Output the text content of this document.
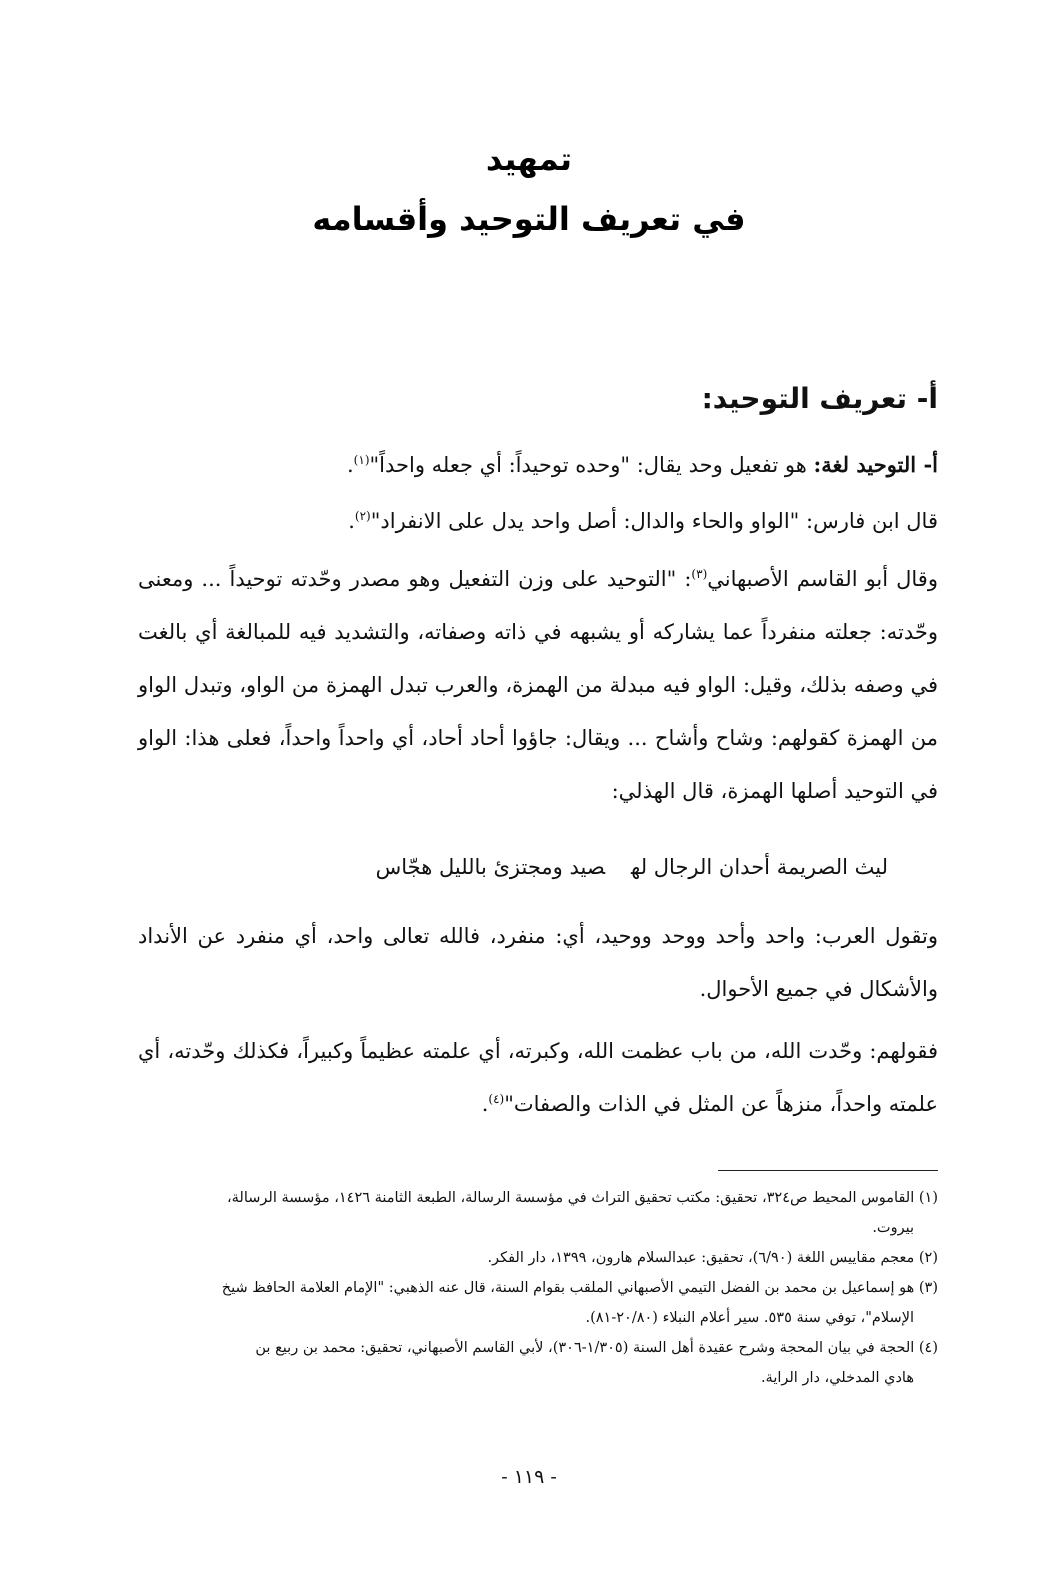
تمهيد
في تعريف التوحيد وأقسامه
أ- تعريف التوحيد:

أ- التوحيد لغة: هو تفعيل وحد يقال: "وحده توحيداً: أي جعله واحداً"$^{(١)}$.

قال ابن فارس: "الواو والحاء والدال: أصل واحد يدل على الانفراد"$^{(٢)}$.

وقال أبو القاسم الأصبهاني$^{(٣)}$: "التوحيد على وزن التفعيل وهو مصدر وحّدته توحيداً ... ومعنى وحّدته: جعلته منفرداً عما يشاركه أو يشبهه في ذاته وصفاته، والتشديد فيه للمبالغة أي بالغت في وصفه بذلك، وقيل: الواو فيه مبدلة من الهمزة، والعرب تبدل الهمزة من الواو، وتبدل الواو من الهمزة كقولهم: وشاح وأشاح ... ويقال: جاؤوا أحاد أحاد، أي واحداً واحداً، فعلى هذا: الواو في التوحيد أصلها الهمزة، قال الهذلي:

ليث الصريمة أحدان الرجال لهصيد ومجتزئ بالليل هجّاس

وتقول العرب: واحد وأحد ووحد ووحيد، أي: منفرد، فالله تعالى واحد، أي منفرد عن الأنداد والأشكال في جميع الأحوال.

فقولهم: وحّدت الله، من باب عظمت الله، وكبرته، أي علمته عظيماً وكبيراً، فكذلك وحّدته، أي علمته واحداً، منزهاً عن المثل في الذات والصفات"$^{(٤)}$.

(١) القاموس المحيط ص٣٢٤، تحقيق: مكتب تحقيق التراث في مؤسسة الرسالة، الطبعة الثامنة ١٤٢٦، مؤسسة الرسالة،
بيروت.
(٢) معجم مقاييس اللغة (٦/٩٠)، تحقيق: عبدالسلام هارون، ١٣٩٩، دار الفكر.
(٣) هو إسماعيل بن محمد بن الفضل التيمي الأصبهاني الملقب بقوام السنة، قال عنه الذهبي: "الإمام العلامة الحافظ شيخ
الإسلام"، توفي سنة ٥٣٥. سير أعلام النبلاء (٢٠/٨٠-٨١).
(٤) الحجة في بيان المحجة وشرح عقيدة أهل السنة (١/٣٠٥-٣٠٦)، لأبي القاسم الأصبهاني، تحقيق: محمد بن ربيع بن
هادي المدخلي، دار الراية.
- ١١٩ -
